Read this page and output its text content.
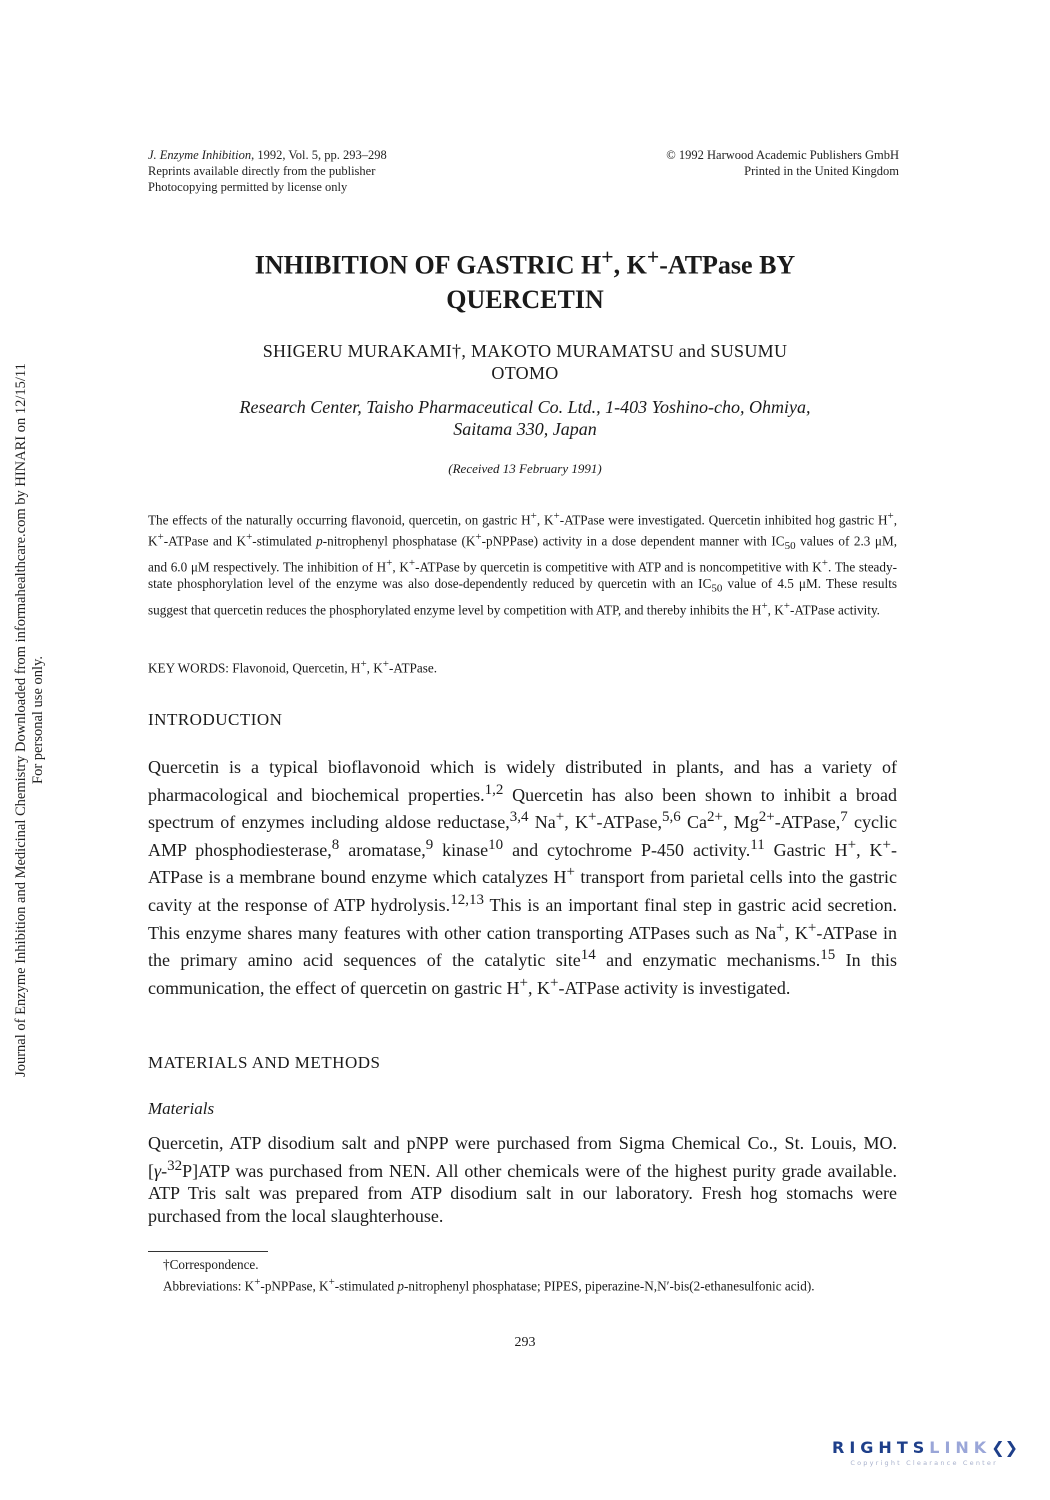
Journal of Enzyme Inhibition and Medicinal Chemistry Downloaded from informahealthcare.com by HINARI on 12/15/11 For personal use only.
J. Enzyme Inhibition, 1992, Vol. 5, pp. 293–298
Reprints available directly from the publisher
Photocopying permitted by license only
© 1992 Harwood Academic Publishers GmbH
Printed in the United Kingdom
INHIBITION OF GASTRIC H+, K+-ATPase BY
QUERCETIN
SHIGERU MURAKAMI†, MAKOTO MURAMATSU and SUSUMU
OTOMO
Research Center, Taisho Pharmaceutical Co. Ltd., 1-403 Yoshino-cho, Ohmiya,
Saitama 330, Japan
(Received 13 February 1991)
The effects of the naturally occurring flavonoid, quercetin, on gastric H+, K+-ATPase were investigated. Quercetin inhibited hog gastric H+, K+-ATPase and K+-stimulated p-nitrophenyl phosphatase (K+-pNPPase) activity in a dose dependent manner with $IC_{50}$ values of 2.3 μM, and 6.0 μM respectively. The inhibition of H+, K+-ATPase by quercetin is competitive with ATP and is noncompetitive with K+. The steady-state phosphorylation level of the enzyme was also dose-dependently reduced by quercetin with an $IC_{50}$ value of 4.5 μM. These results suggest that quercetin reduces the phosphorylated enzyme level by competition with ATP, and thereby inhibits the H+, K+-ATPase activity.
KEY WORDS: Flavonoid, Quercetin, H+, K+-ATPase.
INTRODUCTION
Quercetin is a typical bioflavonoid which is widely distributed in plants, and has a variety of pharmacological and biochemical properties.$^{1,2}$ Quercetin has also been shown to inhibit a broad spectrum of enzymes including aldose reductase,$^{3,4}$ Na+, K+-ATPase,$^{5,6}$ $Ca^{2+}$, $Mg^{2+}-ATPase,^7$ cyclic AMP phosphodiesterase,$^8$ aromatase,$^9$ kinase$^{10}$ and cytochrome P-450 activity.$^{11}$ Gastric H+, K+-ATPase is a membrane bound enzyme which catalyzes H+ transport from parietal cells into the gastric cavity at the response of ATP hydrolysis.$^{12,13}$ This is an important final step in gastric acid secretion. This enzyme shares many features with other cation transporting ATPases such as Na+, K+-ATPase in the primary amino acid sequences of the catalytic site$^{14}$ and enzymatic mechanisms.$^{15}$ In this communication, the effect of quercetin on gastric H+, K+-ATPase activity is investigated.
MATERIALS AND METHODS
Materials
Quercetin, ATP disodium salt and pNPP were purchased from Sigma Chemical Co., St. Louis, MO. [γ-$^{32}$P]ATP was purchased from NEN. All other chemicals were of the highest purity grade available. ATP Tris salt was prepared from ATP disodium salt in our laboratory. Fresh hog stomachs were purchased from the local slaughterhouse.
†Correspondence.
Abbreviations: K+-pNPPase, K+-stimulated p-nitrophenyl phosphatase; PIPES, piperazine-N,N′-bis(2-ethanesulfonic acid).
293
RIGHTSLINK❮❯
Copyright Clearance Center
